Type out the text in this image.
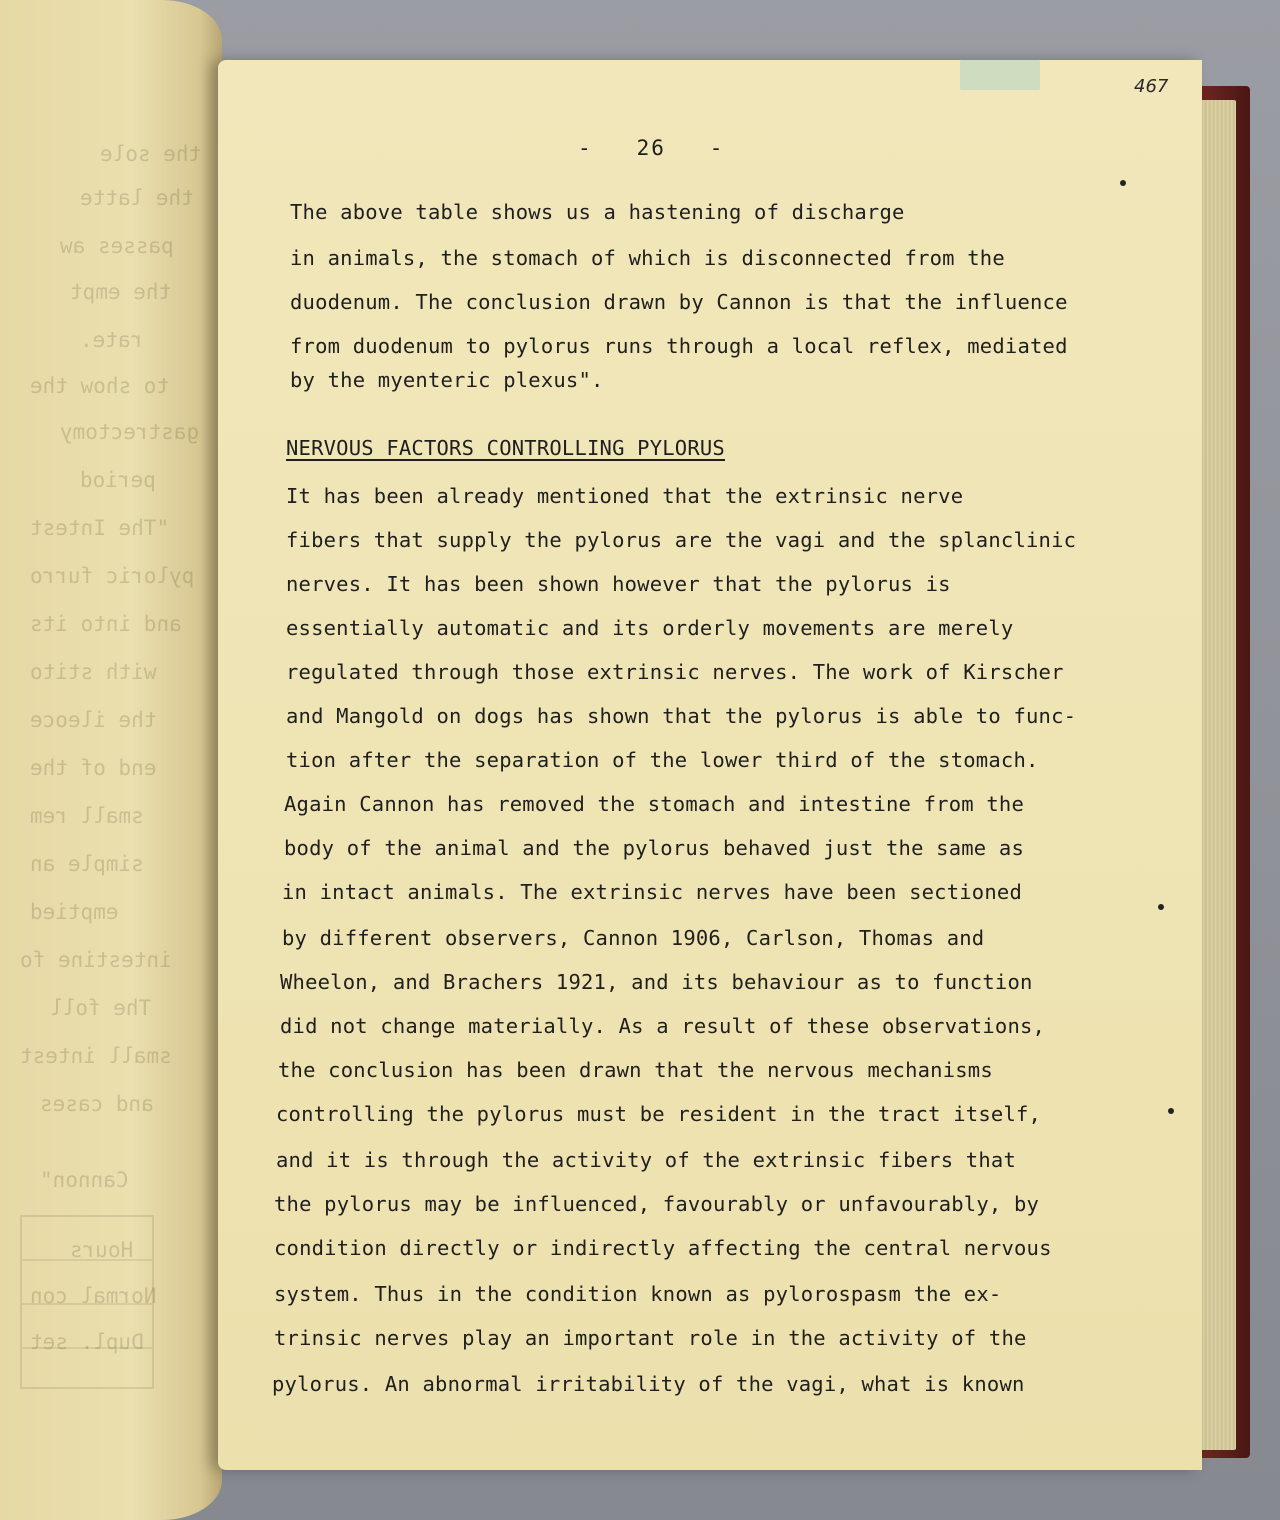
the sole
the latte
passes aw
the empt
rate.
to show the
gastrectomy
period
"The Intest
pyloric furro
and into its
with stito
the ileoce
end of the
small rem
simple an
emptied
intestine fo
The foll
small intest
and cases
Cannon"
Hours
Normal con
Dupl. set
467
-   26   -
The above table shows us a hastening of discharge
in animals, the stomach of which is disconnected from the
duodenum. The conclusion drawn by Cannon is that the influence
from duodenum to pylorus runs through a local reflex, mediated
by the myenteric plexus".
NERVOUS FACTORS CONTROLLING PYLORUS
It has been already mentioned that the extrinsic nerve
fibers that supply the pylorus are the vagi and the splanclinic
nerves. It has been shown however that the pylorus is
essentially automatic and its orderly movements are merely
regulated through those extrinsic nerves. The work of Kirscher
and Mangold on dogs has shown that the pylorus is able to func-
tion after the separation of the lower third of the stomach.
Again Cannon has removed the stomach and intestine from the
body of the animal and the pylorus behaved just the same as
in intact animals. The extrinsic nerves have been sectioned
by different observers, Cannon 1906, Carlson, Thomas and
Wheelon, and Brachers 1921, and its behaviour as to function
did not change materially. As a result of these observations,
the conclusion has been drawn that the nervous mechanisms
controlling the pylorus must be resident in the tract itself,
and it is through the activity of the extrinsic fibers that
the pylorus may be influenced, favourably or unfavourably, by
condition directly or indirectly affecting the central nervous
system. Thus in the condition known as pylorospasm the ex-
trinsic nerves play an important role in the activity of the
pylorus. An abnormal irritability of the vagi, what is known
